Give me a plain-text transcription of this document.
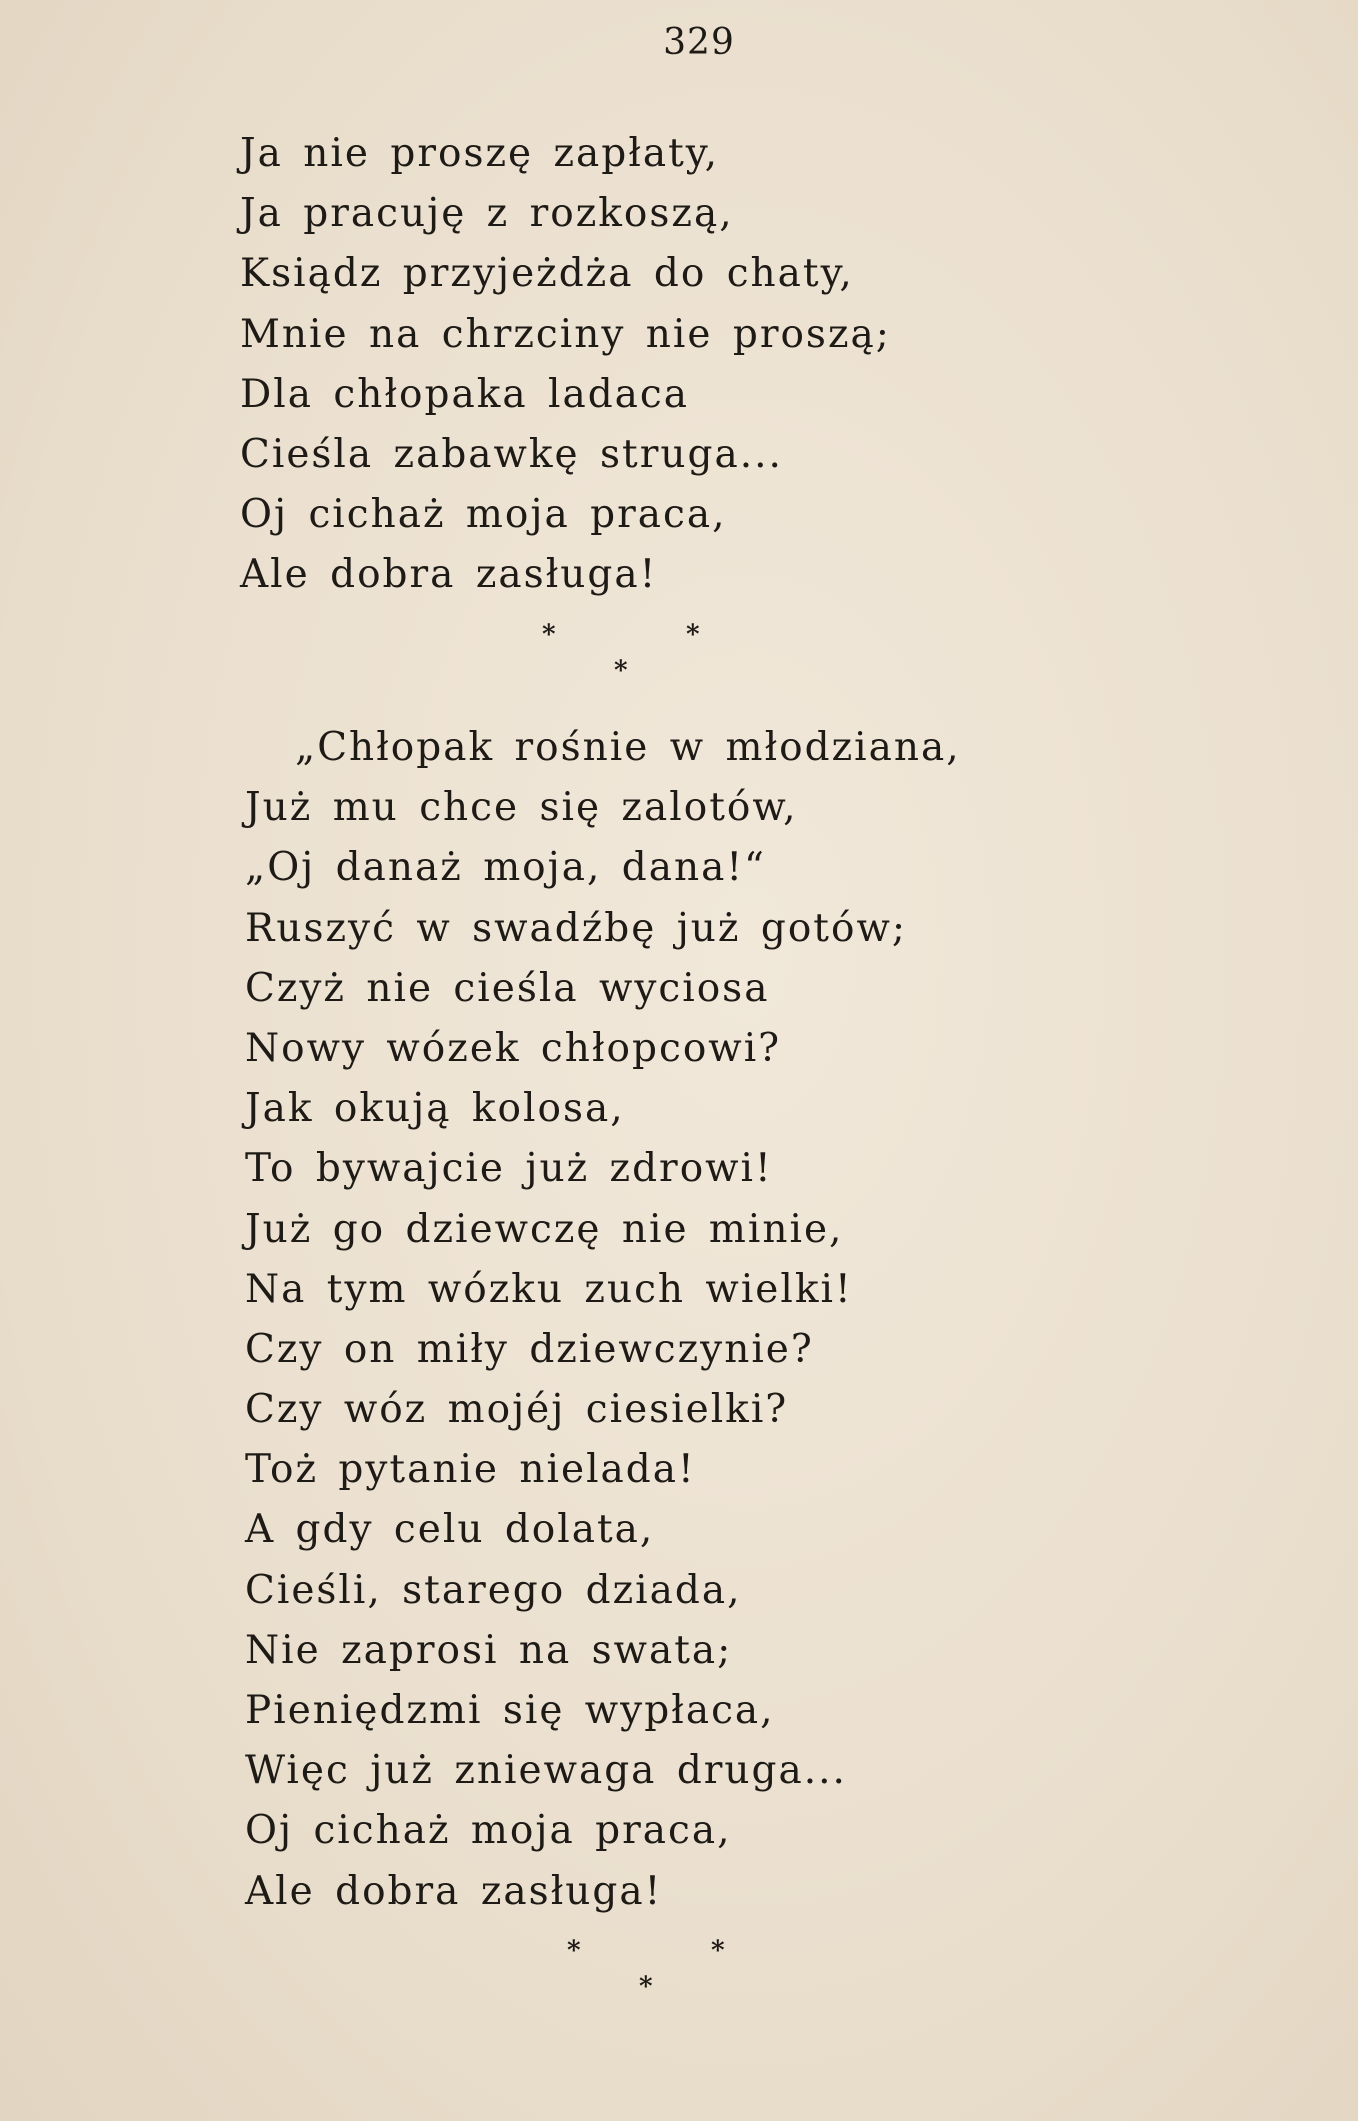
329
Ja nie proszę zapłaty,
Ja pracuję z rozkoszą,
Ksiądz przyjeżdża do chaty,
Mnie na chrzciny nie proszą;
Dla chłopaka ladaca
Cieśla zabawkę struga...
Oj cichaż moja praca,
Ale dobra zasługa!
*	*
*
„Chłopak rośnie w młodziana,
Już mu chce się zalotów,
„Oj danaż moja, dana!“
Ruszyć w swadźbę już gotów;
Czyż nie cieśla wyciosa
Nowy wózek chłopcowi?
Jak okują kolosa,
To bywajcie już zdrowi!
Już go dziewczę nie minie,
Na tym wózku zuch wielki!
Czy on miły dziewczynie?
Czy wóz mojéj ciesielki?
Toż pytanie nielada!
A gdy celu dolata,
Cieśli, starego dziada,
Nie zaprosi na swata;
Pieniędzmi się wypłaca,
Więc już zniewaga druga...
Oj cichaż moja praca,
Ale dobra zasługa!
*	*
*
